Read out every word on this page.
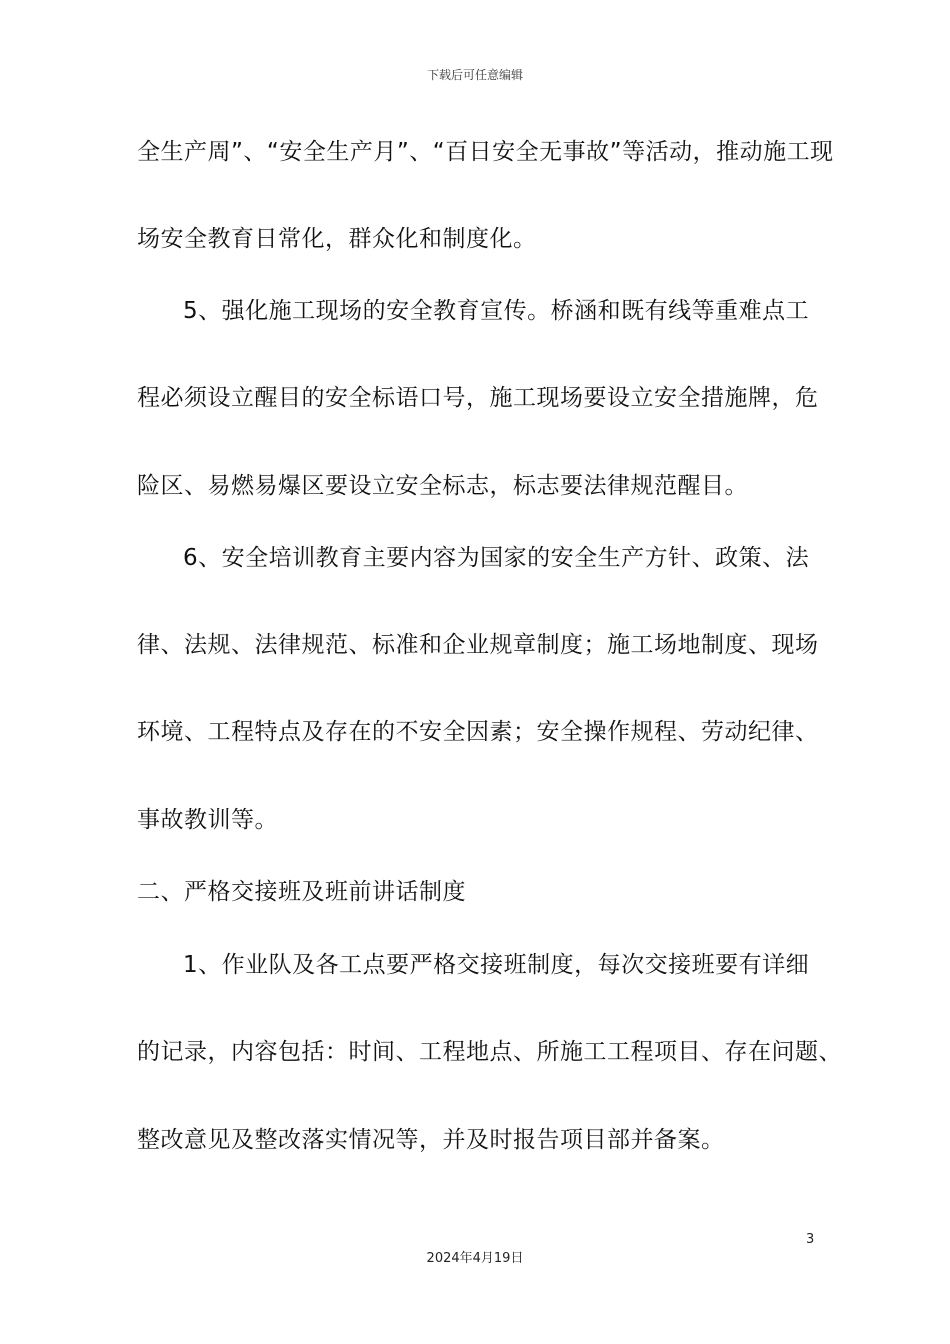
下载后可任意编辑
全生产周”、“安全生产月”、“百日安全无事故”等活动，推动施工现
场安全教育日常化，群众化和制度化。
5、强化施工现场的安全教育宣传。桥涵和既有线等重难点工
程必须设立醒目的安全标语口号，施工现场要设立安全措施牌，危
险区、易燃易爆区要设立安全标志，标志要法律规范醒目。
6、安全培训教育主要内容为国家的安全生产方针、政策、法
律、法规、法律规范、标准和企业规章制度；施工场地制度、现场
环境、工程特点及存在的不安全因素；安全操作规程、劳动纪律、
事故教训等。
二、严格交接班及班前讲话制度
1、作业队及各工点要严格交接班制度，每次交接班要有详细
的记录，内容包括：时间、工程地点、所施工工程项目、存在问题、
整改意见及整改落实情况等，并及时报告项目部并备案。
3
2024年4月19日
